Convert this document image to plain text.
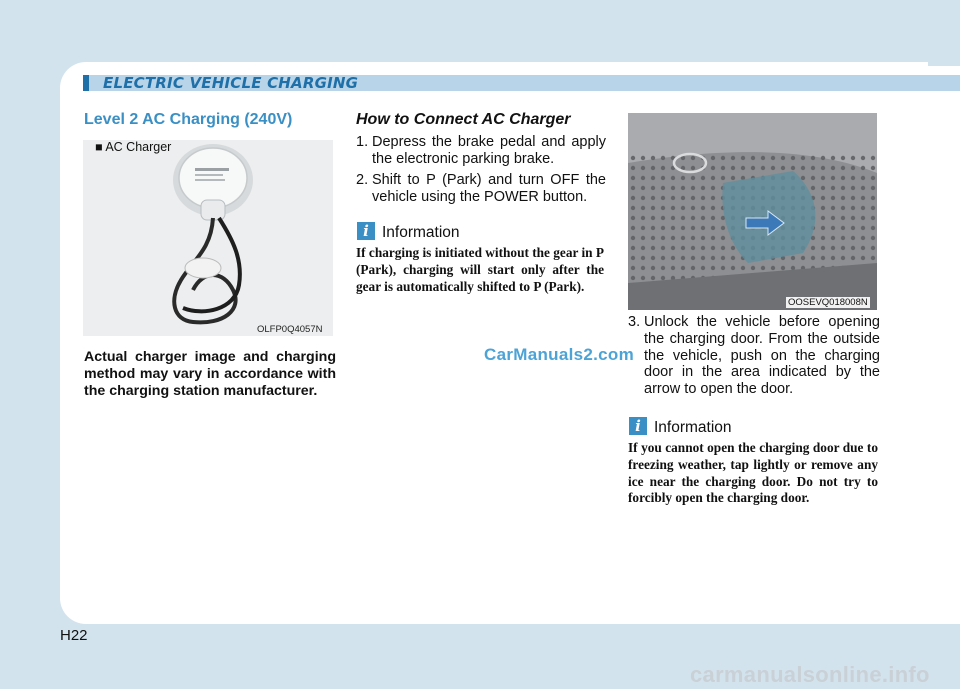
ELECTRIC VEHICLE CHARGING
Level 2 AC Charging (240V)
■ AC Charger
OLFP0Q4057N
Actual charger image and charging method may vary in accordance with the charging station manufacturer.
How to Connect AC Charger
1. Depress the brake pedal and apply the electronic parking brake.
2. Shift to P (Park) and turn OFF the vehicle using the POWER button.
i Information
If charging is initiated without the gear in P (Park), charging will start only after the gear is automatically shifted to P (Park).
OOSEVQ018008N
3. Unlock the vehicle before opening the charging door. From the outside the vehicle, push on the charging door in the area indicated by the arrow to open the door.
i Information
If you cannot open the charging door due to freezing weather, tap lightly or remove any ice near the charging door. Do not try to forcibly open the charging door.
CarManuals2.com
H22
carmanualsonline.info
